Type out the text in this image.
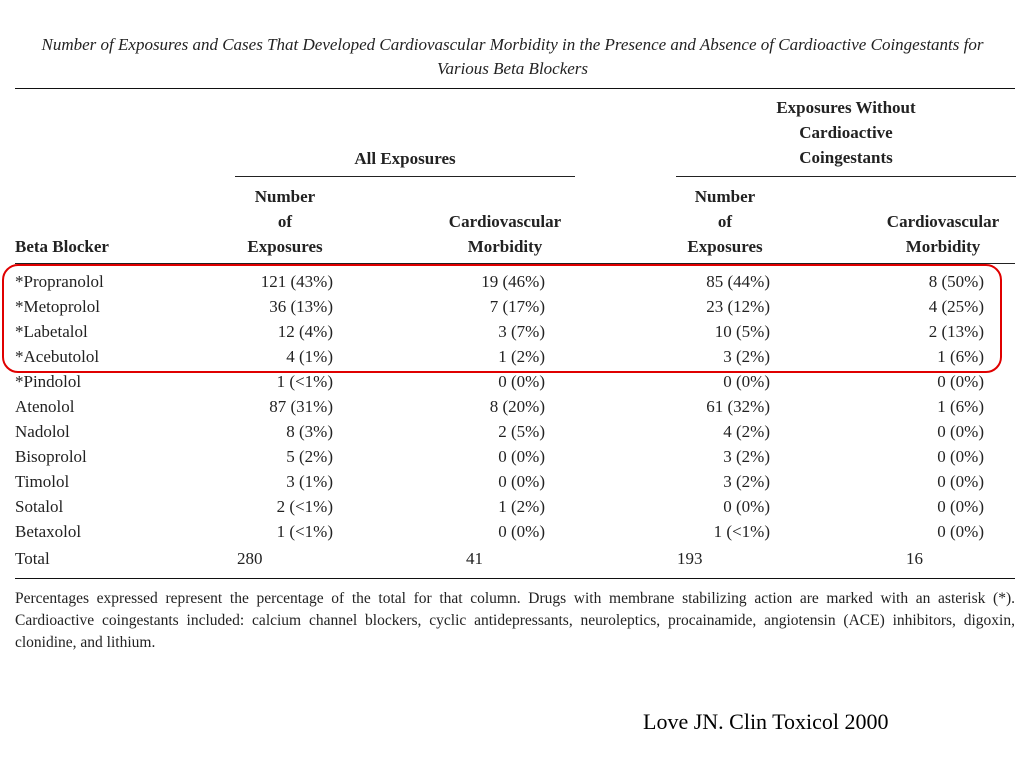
Number of Exposures and Cases That Developed Cardiovascular Morbidity in the Presence and Absence of Cardioactive Coingestants for Various Beta Blockers
All Exposures
Exposures Without
Cardioactive
Coingestants
Beta Blocker
Number
of
Exposures
Cardiovascular
Morbidity
Number
of
Exposures
Cardiovascular
Morbidity
*Propranolol	121 (43%)	19 (46%)	85 (44%)	8 (50%)
*Metoprolol	36 (13%)	7 (17%)	23 (12%)	4 (25%)
*Labetalol	12 (4%)	3 (7%)	10 (5%)	2 (13%)
*Acebutolol	4 (1%)	1 (2%)	3 (2%)	1 (6%)
*Pindolol	1 (<1%)	0 (0%)	0 (0%)	0 (0%)
Atenolol	87 (31%)	8 (20%)	61 (32%)	1 (6%)
Nadolol	8 (3%)	2 (5%)	4 (2%)	0 (0%)
Bisoprolol	5 (2%)	0 (0%)	3 (2%)	0 (0%)
Timolol	3 (1%)	0 (0%)	3 (2%)	0 (0%)
Sotalol	2 (<1%)	1 (2%)	0 (0%)	0 (0%)
Betaxolol	1 (<1%)	0 (0%)	1 (<1%)	0 (0%)
Total	280	41	193	16
Percentages expressed represent the percentage of the total for that column. Drugs with membrane stabilizing action are marked with an asterisk (*). Cardioactive coingestants included: calcium channel blockers, cyclic antidepressants, neuroleptics, procainamide, angiotensin (ACE) inhibitors, digoxin, clonidine, and lithium.
Love JN. Clin Toxicol 2000
